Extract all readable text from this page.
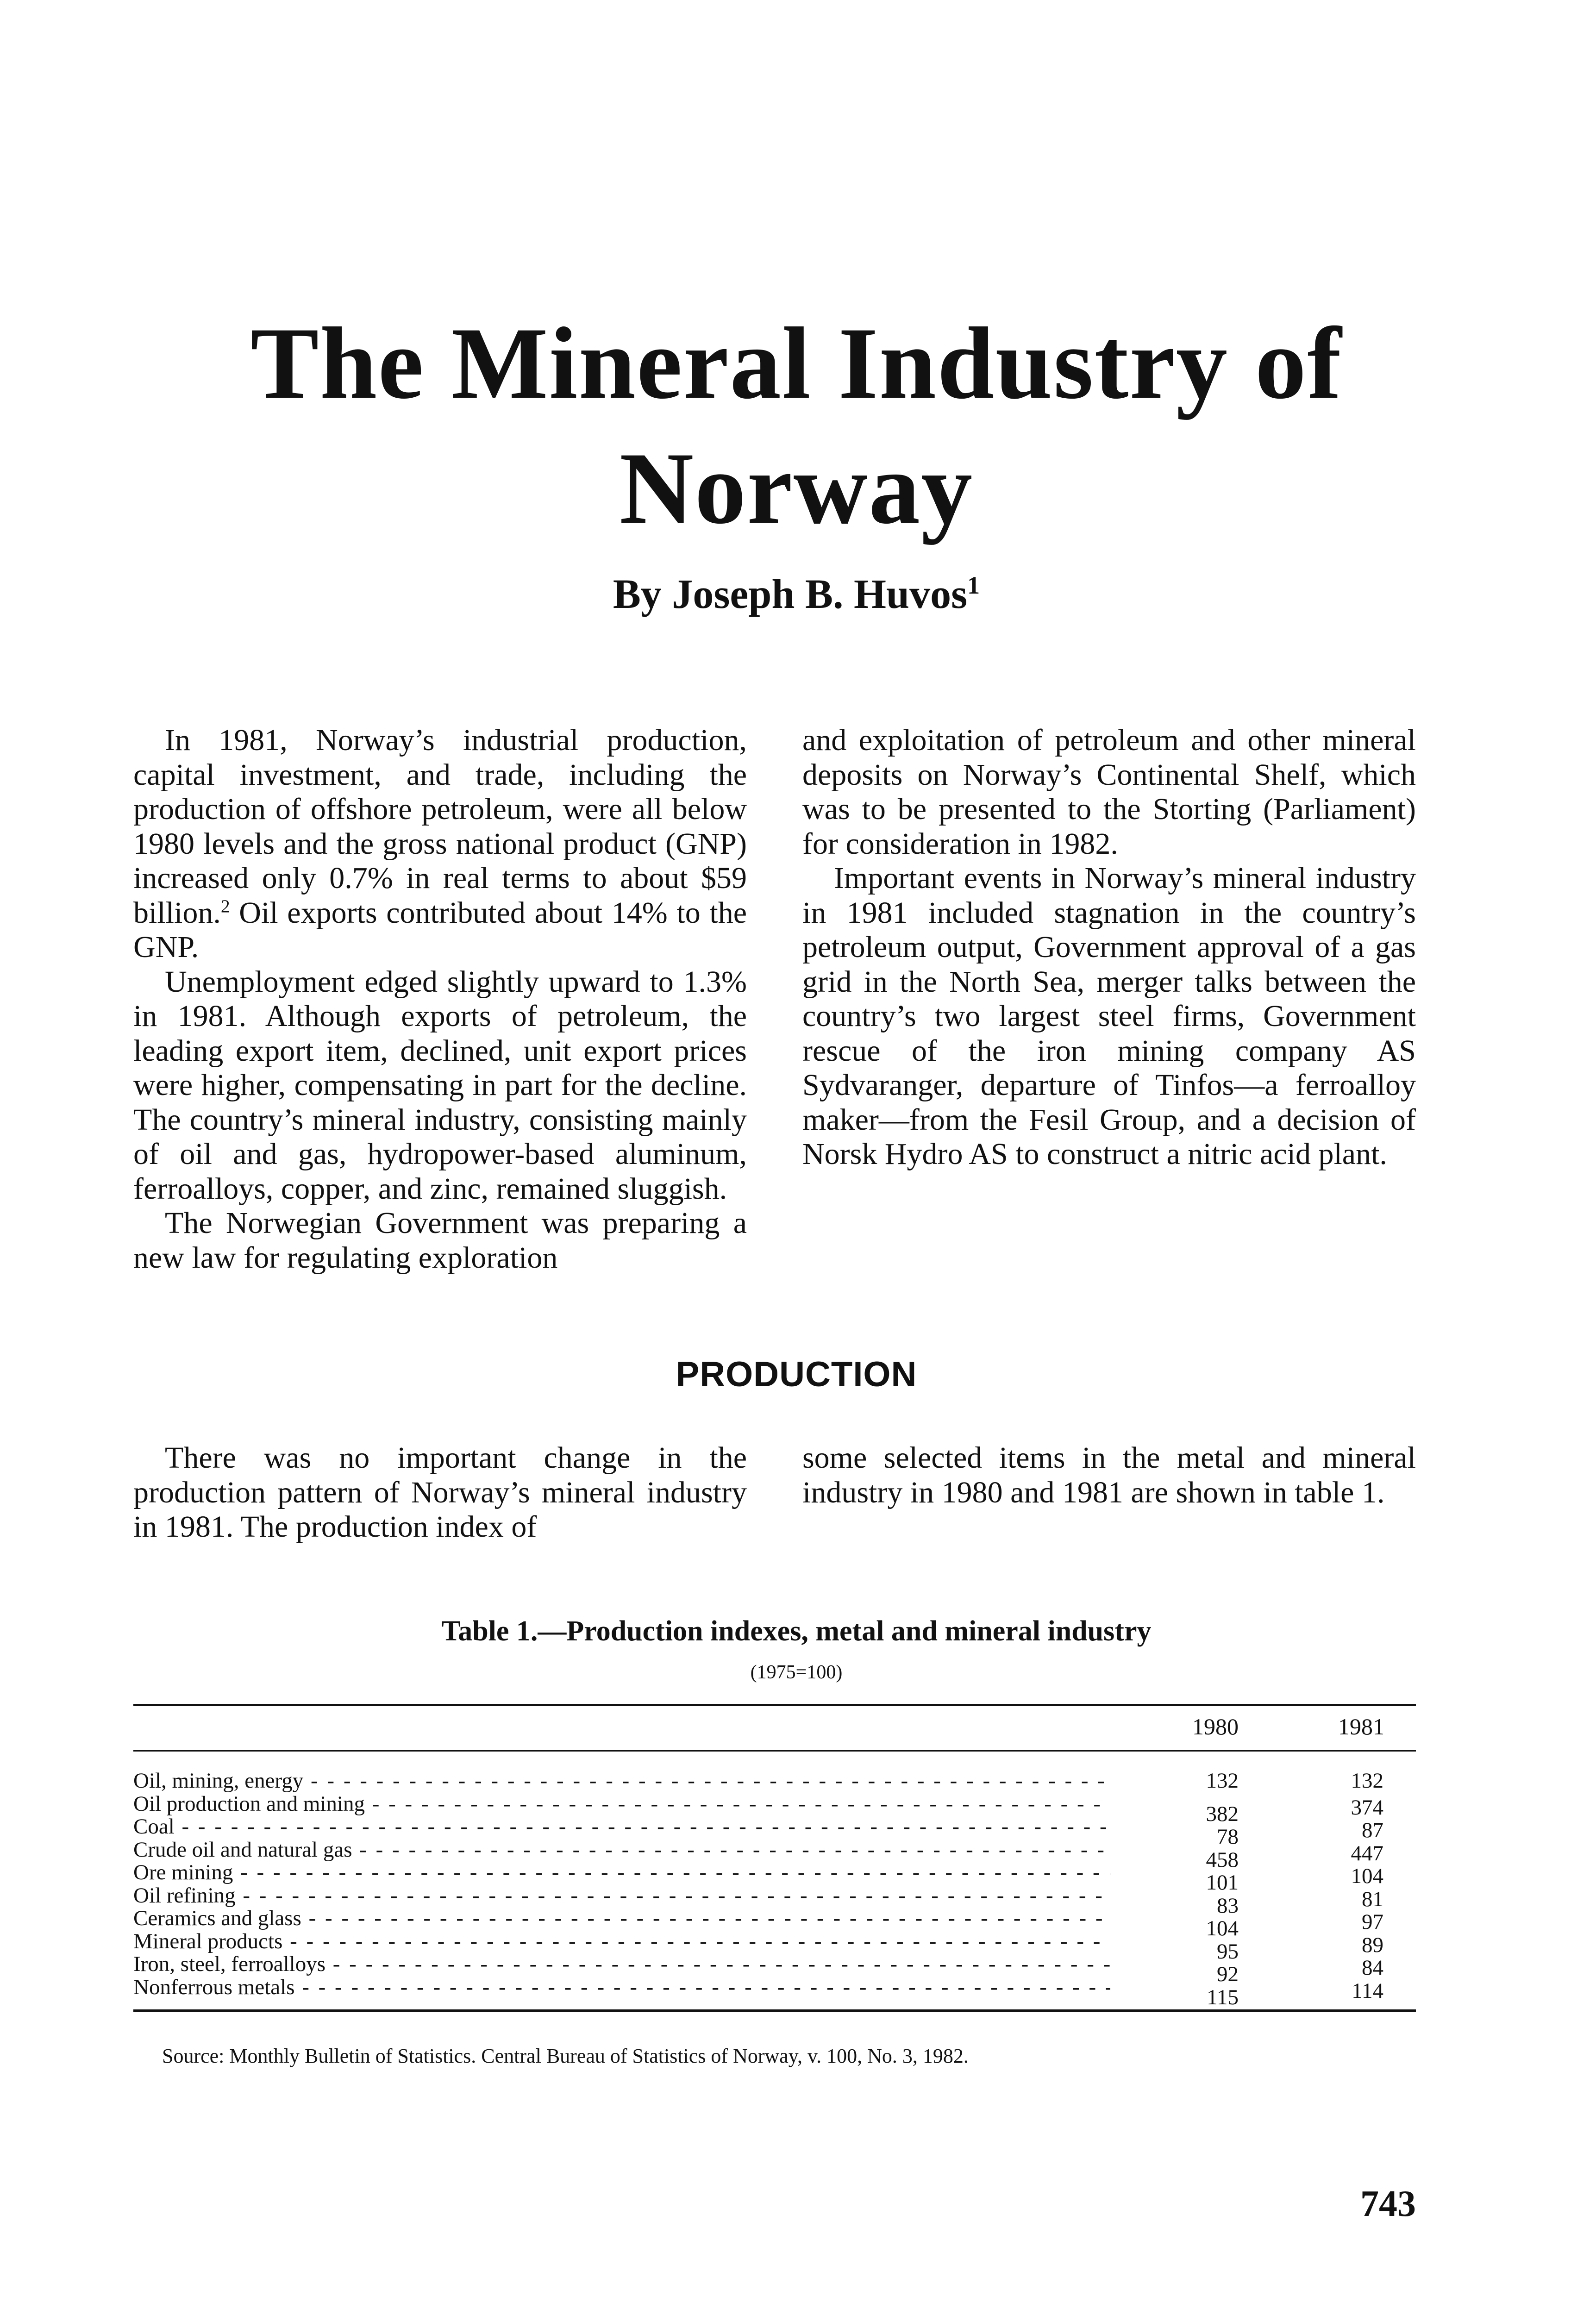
The Mineral Industry of
Norway
By Joseph B. Huvos$^1$

In 1981, Norway’s industrial production, capital investment, and trade, including the production of offshore petroleum, were all below 1980 levels and the gross national product (GNP) increased only 0.7% in real terms to about $59 billion.$^2$ Oil exports contributed about 14% to the GNP.

Unemployment edged slightly upward to 1.3% in 1981. Although exports of petroleum, the leading export item, declined, unit export prices were higher, compensating in part for the decline. The country’s mineral industry, consisting mainly of oil and gas, hydropower-based aluminum, ferroalloys, copper, and zinc, remained sluggish.

The Norwegian Government was preparing a new law for regulating exploration

and exploitation of petroleum and other mineral deposits on Norway’s Continental Shelf, which was to be presented to the Storting (Parliament) for consideration in 1982.

Important events in Norway’s mineral industry in 1981 included stagnation in the country’s petroleum output, Government approval of a gas grid in the North Sea, merger talks between the country’s two largest steel firms, Government rescue of the iron mining company AS Sydvaranger, departure of Tinfos—a ferroalloy maker—from the Fesil Group, and a decision of Norsk Hydro AS to construct a nitric acid plant.

PRODUCTION

There was no important change in the production pattern of Norway’s mineral industry in 1981. The production index of

some selected items in the metal and mineral industry in 1980 and 1981 are shown in table 1.

Table 1.—Production indexes, metal and mineral industry
(1975=100)
1980	1981
Oil, mining, energy - - -	132	132
Oil production and mining - - -	382	374
Coal - - -	78	87
Crude oil and natural gas - - -	458	447
Ore mining - - -	101	104
Oil refining - - -	83	81
Ceramics and glass - - -	104	97
Mineral products - - -	95	89
Iron, steel, ferroalloys - - -	92	84
Nonferrous metals - - -	115	114
Source: Monthly Bulletin of Statistics. Central Bureau of Statistics of Norway, v. 100, No. 3, 1982.
743
